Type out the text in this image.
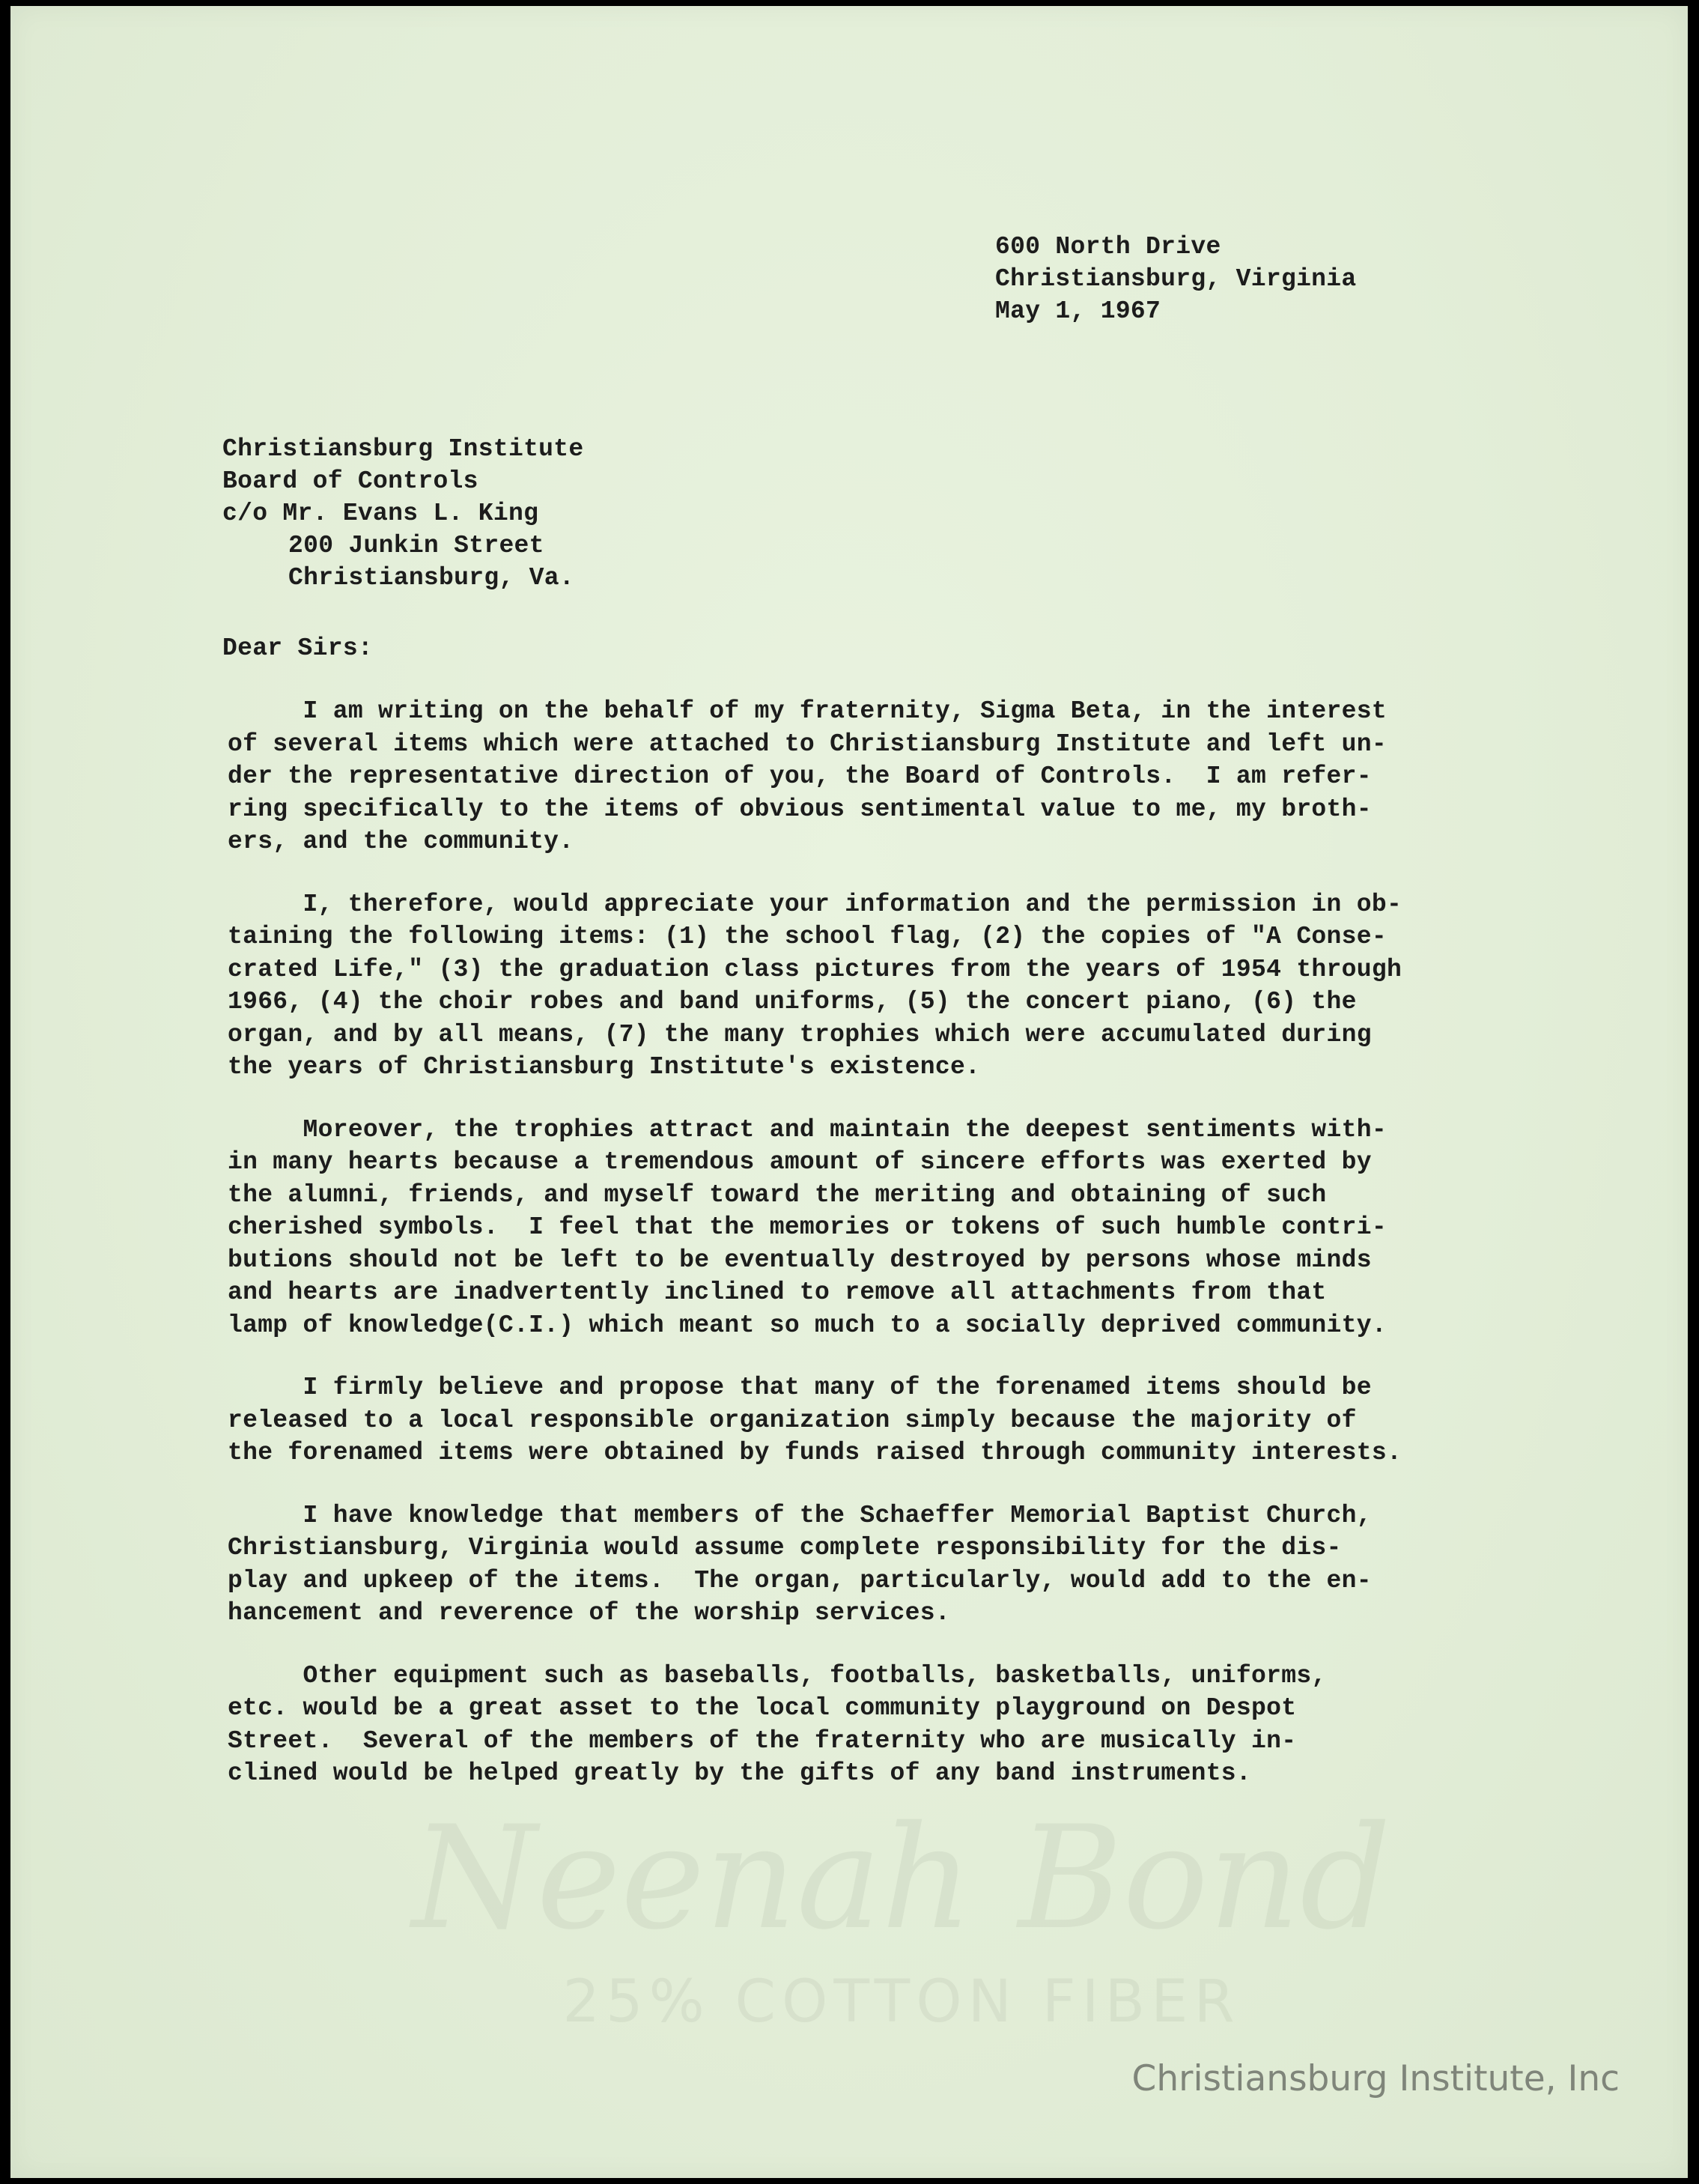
600 North Drive
Christiansburg, Virginia
May 1, 1967
Christiansburg Institute
Board of Controls
c/o Mr. Evans L. King
200 Junkin Street
Christiansburg, Va.
Dear Sirs:

I am writing on the behalf of my fraternity, Sigma Beta, in the interest
of several items which were attached to Christiansburg Institute and left un-
der the representative direction of you, the Board of Controls.  I am refer-
ring specifically to the items of obvious sentimental value to me, my broth-
ers, and the community.

I, therefore, would appreciate your information and the permission in ob-
taining the following items: (1) the school flag, (2) the copies of "A Conse-
crated Life," (3) the graduation class pictures from the years of 1954 through
1966, (4) the choir robes and band uniforms, (5) the concert piano, (6) the
organ, and by all means, (7) the many trophies which were accumulated during
the years of Christiansburg Institute's existence.

Moreover, the trophies attract and maintain the deepest sentiments with-
in many hearts because a tremendous amount of sincere efforts was exerted by
the alumni, friends, and myself toward the meriting and obtaining of such
cherished symbols.  I feel that the memories or tokens of such humble contri-
butions should not be left to be eventually destroyed by persons whose minds
and hearts are inadvertently inclined to remove all attachments from that
lamp of knowledge(C.I.) which meant so much to a socially deprived community.

I firmly believe and propose that many of the forenamed items should be
released to a local responsible organization simply because the majority of
the forenamed items were obtained by funds raised through community interests.

I have knowledge that members of the Schaeffer Memorial Baptist Church,
Christiansburg, Virginia would assume complete responsibility for the dis-
play and upkeep of the items.  The organ, particularly, would add to the en-
hancement and reverence of the worship services.

Other equipment such as baseballs, footballs, basketballs, uniforms,
etc. would be a great asset to the local community playground on Despot
Street.  Several of the members of the fraternity who are musically in-
clined would be helped greatly by the gifts of any band instruments.

Neenah Bond
25% COTTON FIBER
Christiansburg Institute, Inc
